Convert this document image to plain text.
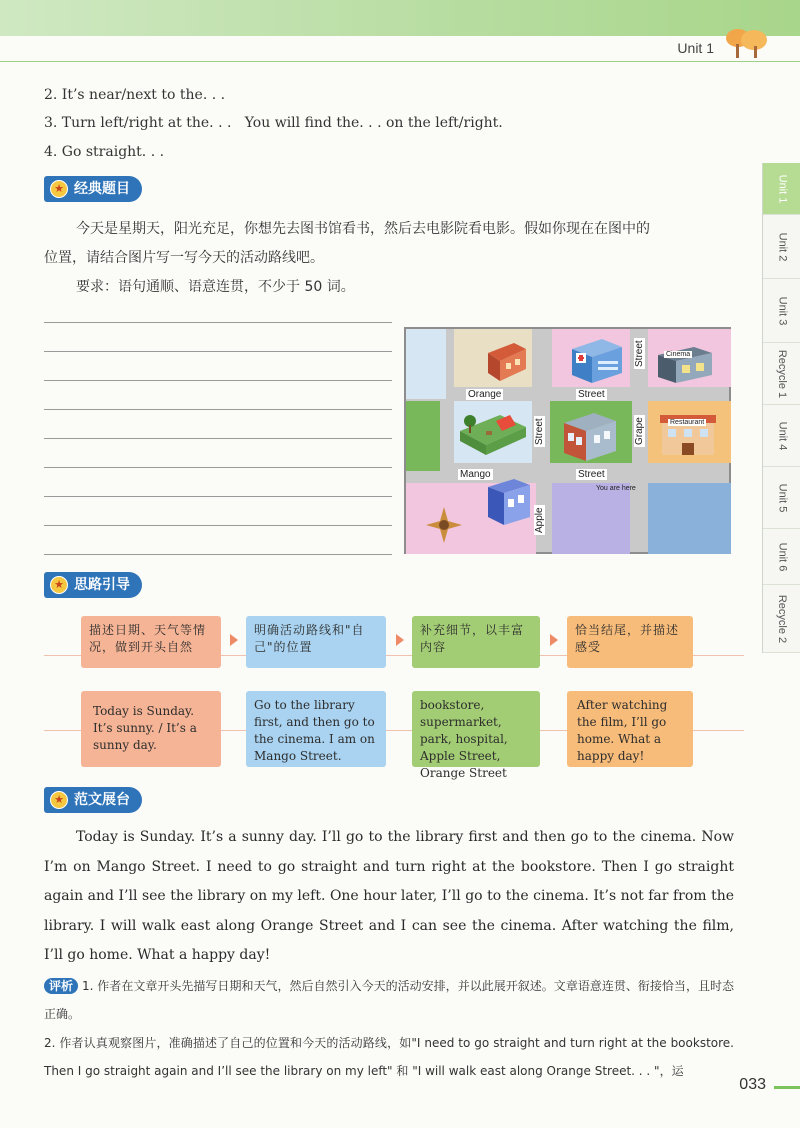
Unit 1
Unit 1
Unit 2
Unit 3
Recycle 1
Unit 4
Unit 5
Unit 6
Recycle 2
2. It’s near/next to the. . .
3. Turn left/right at the. . .   You will find the. . . on the left/right.
4. Go straight. . .
★ 经典题目
今天是星期天，阳光充足，你想先去图书馆看书，然后去电影院看电影。假如你现在在图中的
位置，请结合图片写一写今天的活动路线吧。
要求：语句通顺、语意连贯，不少于 50 词。
Orange	Street
Street	Cinema
Grape	Restaurant
Mango	Street
Street
You are here
Apple
★ 思路引导
描述日期、天气等情况，做到开头自然
明确活动路线和"自己"的位置
补充细节，以丰富内容
恰当结尾，并描述感受
Today is Sunday. It’s sunny. / It’s a sunny day.
Go to the library first, and then go to the cinema. I am on Mango Street.
bookstore, supermarket, park, hospital, Apple Street, Orange Street
After watching the film, I’ll go home. What a happy day!
★ 范文展台
Today is Sunday. It’s a sunny day. I’ll go to the library first and then go to the cinema. Now I’m on Mango Street. I need to go straight and turn right at the bookstore. Then I go straight again and I’ll see the library on my left. One hour later, I’ll go to the cinema. It’s not far from the library. I will walk east along Orange Street and I can see the cinema. After watching the film, I’ll go home. What a happy day!
评析 1. 作者在文章开头先描写日期和天气，然后自然引入今天的活动安排，并以此展开叙述。文章语意连贯、衔接恰当，且时态正确。
2. 作者认真观察图片，准确描述了自己的位置和今天的活动路线，如"I need to go straight and turn right at the bookstore. Then I go straight again and I’ll see the library on my left" 和 "I will walk east along Orange Street. . . "，运
033
